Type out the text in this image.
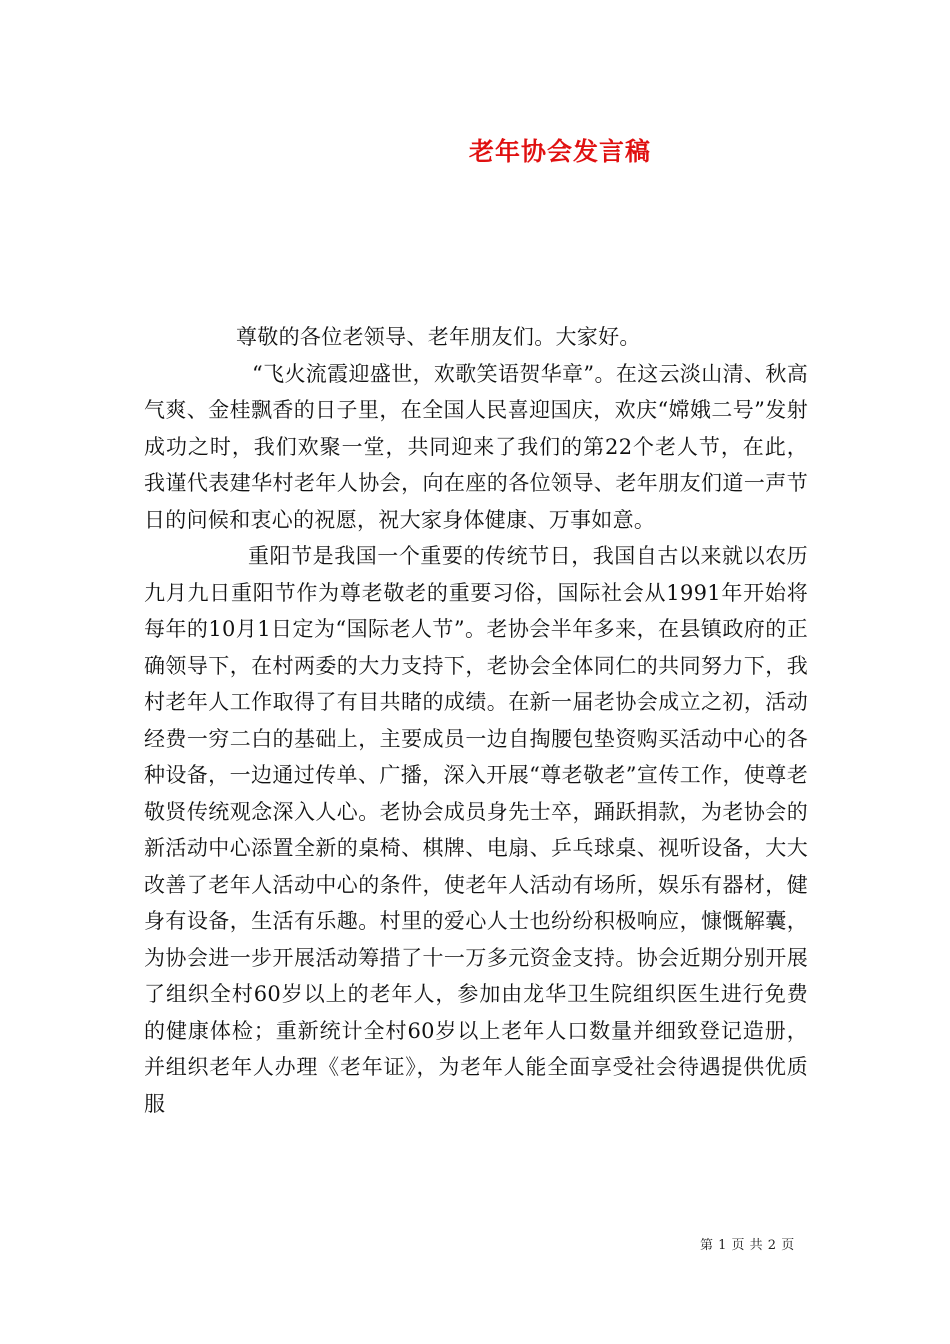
老年协会发言稿

尊敬的各位老领导、老年朋友们。大家好。

“飞火流霞迎盛世，欢歌笑语贺华章”。在这云淡山清、秋高气爽、金桂飘香的日子里，在全国人民喜迎国庆，欢庆“嫦娥二号”发射成功之时，我们欢聚一堂，共同迎来了我们的第22个老人节，在此，我谨代表建华村老年人协会，向在座的各位领导、老年朋友们道一声节日的问候和衷心的祝愿，祝大家身体健康、万事如意。

重阳节是我国一个重要的传统节日，我国自古以来就以农历九月九日重阳节作为尊老敬老的重要习俗，国际社会从1991年开始将每年的10月1日定为“国际老人节”。老协会半年多来，在县镇政府的正确领导下，在村两委的大力支持下，老协会全体同仁的共同努力下，我村老年人工作取得了有目共睹的成绩。在新一届老协会成立之初，活动经费一穷二白的基础上，主要成员一边自掏腰包垫资购买活动中心的各种设备，一边通过传单、广播，深入开展“尊老敬老”宣传工作，使尊老敬贤传统观念深入人心。老协会成员身先士卒，踊跃捐款，为老协会的新活动中心添置全新的桌椅、棋牌、电扇、乒乓球桌、视听设备，大大改善了老年人活动中心的条件，使老年人活动有场所，娱乐有器材，健身有设备，生活有乐趣。村里的爱心人士也纷纷积极响应，慷慨解囊，为协会进一步开展活动筹措了十一万多元资金支持。协会近期分别开展了组织全村60岁以上的老年人，参加由龙华卫生院组织医生进行免费的健康体检；重新统计全村60岁以上老年人口数量并细致登记造册，并组织老年人办理《老年证》，为老年人能全面享受社会待遇提供优质服

第 1 页 共 2 页
